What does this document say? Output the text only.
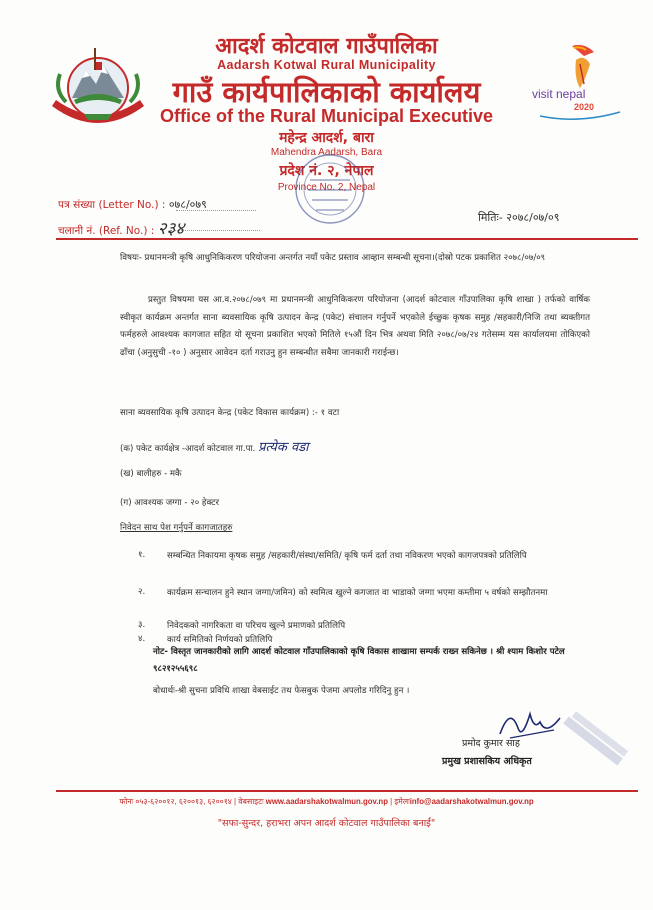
visit nepal
2020
आदर्श कोटवाल गाउँपालिका
Aadarsh Kotwal Rural Municipality
गाउँ कार्यपालिकाको कार्यालय
Office of the Rural Municipal Executive
महेन्द्र आदर्श, बारा
Mahendra Aadarsh, Bara
प्रदेश नं. २, नेपाल
Province No. 2, Nepal
पत्र संख्या (Letter No.) : ०७८/०७९
चलानी नं. (Ref. No.) : २३४
मितिः- २०७८/०७/०९
विषयः- प्रधानमन्त्री कृषि आधुनिकिकरण परियोजना अन्तर्गत नयाँ पकेट प्रस्ताव आव्हान सम्बन्धी सूचना।(दोस्रो पटक प्रकाशित २०७८/०७/०९
प्रस्तुत विषयमा यस आ.व.२०७८/०७९ मा प्रधानमन्त्री आधुनिकिकरण परियोजना (आदर्श कोटवाल गाँउपालिका कृषि शाखा ) तर्फको वार्षिक स्वीकृत कार्यक्रम अन्तर्गत साना ब्यवसायिक कृषि उत्पादन केन्द्र (पकेट) संचालन गर्नुपर्ने भएकोले ईच्छुक कृषक समुह /सहकारी/निजि तथा ब्यक्तीगत फर्महरुले आवश्यक कागजात सहित यो सूचना प्रकाशित भएको मितिले १५औं दिन भित्र अथवा मिति २०७८/०७/२४ गतेसम्म यस कार्यालयमा तोकिएको ढाँचा (अनुसुची -१० ) अनुसार आवेदन दर्ता गराउनु हुन सम्बन्धीत सबैमा जानकारी गराईन्छ।
साना ब्यवसायिक कृषि उत्पादन केन्द्र (पकेट विकास कार्यक्रम) :- १ वटा
(क) पकेट कार्यक्षेत्र -आदर्श कोटवाल गा.पा. प्रत्येक वडा
(ख) बालीहरु - मकै
(ग) आवश्यक जग्गा - २० हेक्टर
निवेदन साथ पेश गर्नुपर्ने कागजातहरु
१.	सम्बन्धित निकायमा कृषक समुह /सहकारी/संस्था/समिति/ कृषि फर्म दर्ता तथा नविकरण भएको कागजपत्रको प्रतिलिपि
२.	कार्यक्रम सन्चालन हुने स्थान जग्गा/जमिन) को स्वमित्व खुल्ने कगजात वा भाडाको जग्गा भएमा कम्तीमा ५ वर्षको सम्झौतनमा
३.	निवेदकको नागरिकता वा परिचय खुल्ने प्रमाणको प्रतिलिपि
४.	कार्य समितिको निर्णयको प्रतिलिपि
नोट- विस्तृत जानकारीको लागि आदर्श कोटवाल गाँउपालिकाको कृषि विकास शाखामा सम्पर्क राख्न सकिनेछ । श्री श्याम किशोर पटेल ९८२१२५५६९८
बोधार्थः-श्री सुचना प्रविधि शाखा वेबसाईट तथ फेसबुक पेजमा अपलोड गरिदिनु हुन ।
प्रमोद कुमार साह
प्रमुख प्रशासकिय अधिकृत
फोनः ०५३-६२००१२, ६२००१३, ६२००१४ | वेबसाइटः www.aadarshakotwalmun.gov.np | इमेलःinfo@aadarshakotwalmun.gov.np
"सफा-सुन्दर, हराभरा अपन आदर्श कोटवाल गाउँपालिका बनाईं"
